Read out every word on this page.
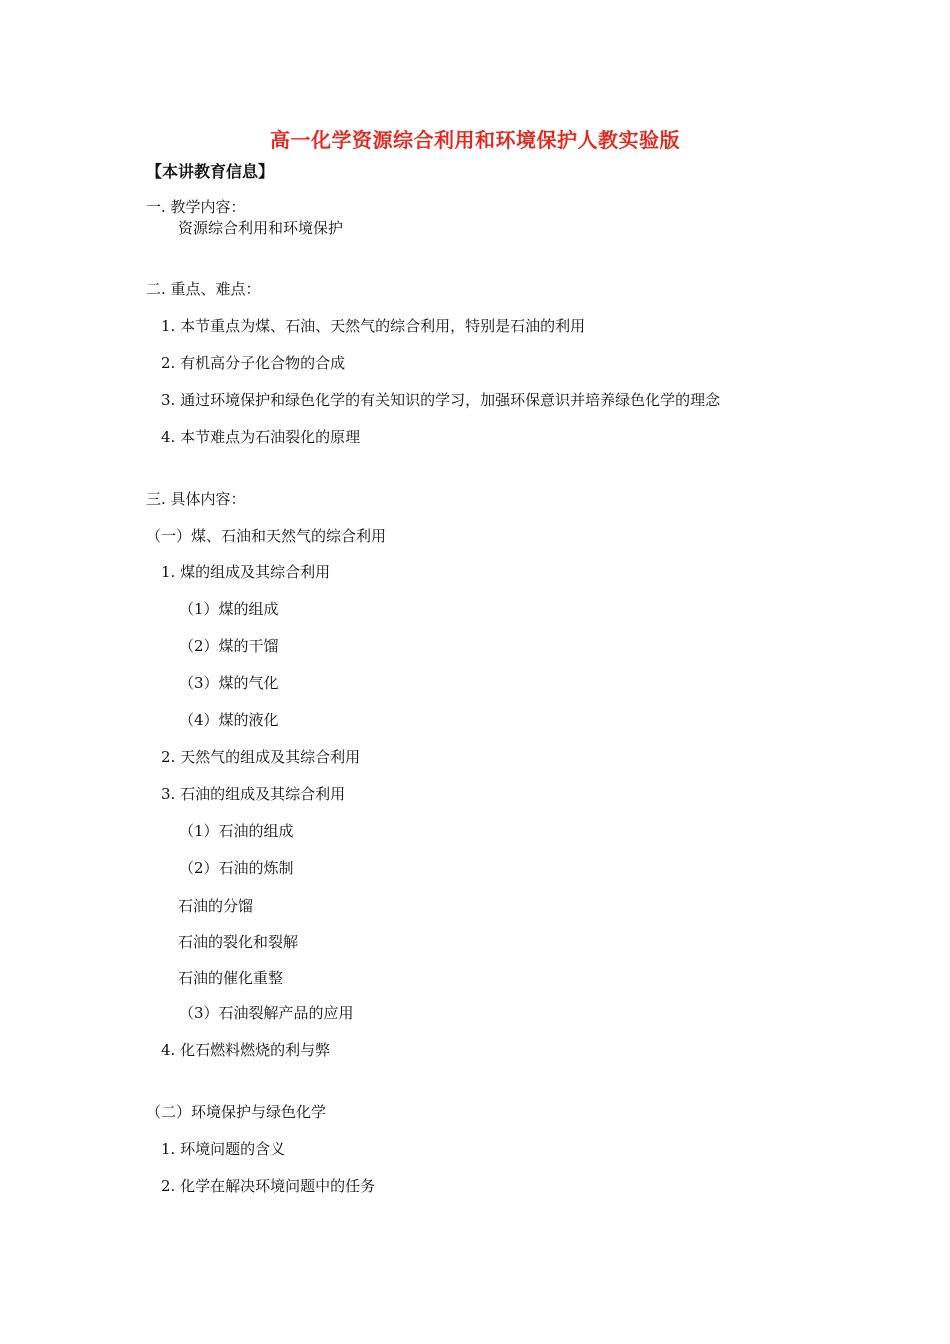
高一化学资源综合利用和环境保护人教实验版
【本讲教育信息】
一. 教学内容：
资源综合利用和环境保护
二. 重点、难点：
1. 本节重点为煤、石油、天然气的综合利用，特别是石油的利用
2. 有机高分子化合物的合成
3. 通过环境保护和绿色化学的有关知识的学习，加强环保意识并培养绿色化学的理念
4. 本节难点为石油裂化的原理
三. 具体内容：
（一）煤、石油和天然气的综合利用
1. 煤的组成及其综合利用
（1）煤的组成
（2）煤的干馏
（3）煤的气化
（4）煤的液化
2. 天然气的组成及其综合利用
3. 石油的组成及其综合利用
（1）石油的组成
（2）石油的炼制
石油的分馏
石油的裂化和裂解
石油的催化重整
（3）石油裂解产品的应用
4. 化石燃料燃烧的利与弊
（二）环境保护与绿色化学
1. 环境问题的含义
2. 化学在解决环境问题中的任务
